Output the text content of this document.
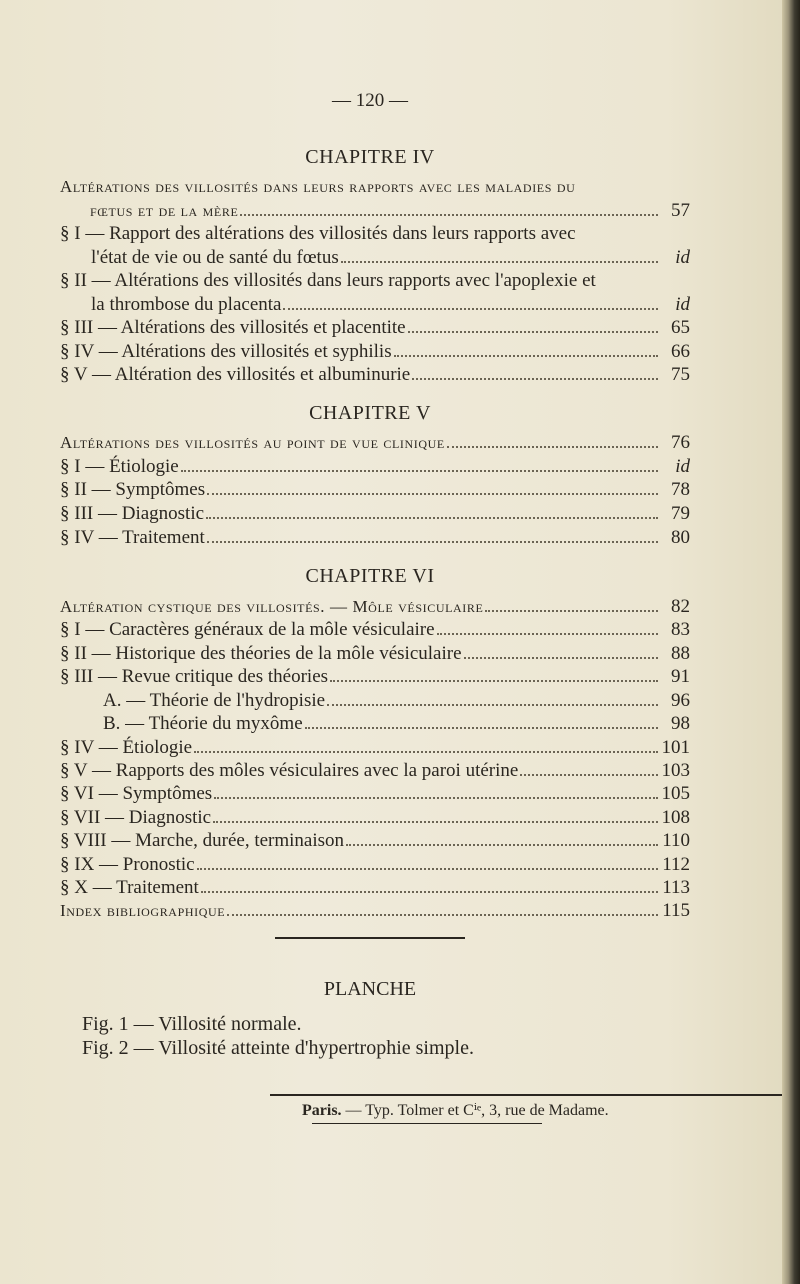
— 120 —
CHAPITRE IV
Altérations des villosités dans leurs rapports avec les maladies du
fœtus et de la mère	57
§ I — Rapport des altérations des villosités dans leurs rapports avec
l'état de vie ou de santé du fœtus	id
§ II — Altérations des villosités dans leurs rapports avec l'apoplexie et
la thrombose du placenta	id
§ III — Altérations des villosités et placentite	65
§ IV — Altérations des villosités et syphilis	66
§ V — Altération des villosités et albuminurie	75
CHAPITRE V
Altérations des villosités au point de vue clinique	76
§ I — Étiologie	id
§ II — Symptômes	78
§ III — Diagnostic	79
§ IV — Traitement	80
CHAPITRE VI
Altération cystique des villosités. — Môle vésiculaire	82
§ I — Caractères généraux de la môle vésiculaire	83
§ II — Historique des théories de la môle vésiculaire	88
§ III — Revue critique des théories	91
A. — Théorie de l'hydropisie	96
B. — Théorie du myxôme	98
§ IV — Étiologie	101
§ V — Rapports des môles vésiculaires avec la paroi utérine	103
§ VI — Symptômes	105
§ VII — Diagnostic	108
§ VIII — Marche, durée, terminaison	110
§ IX — Pronostic	112
§ X — Traitement	113
Index bibliographique	115
PLANCHE
Fig. 1 — Villosité normale.
Fig. 2 — Villosité atteinte d'hypertrophie simple.
Paris. — Typ. Tolmer et Cⁱᵉ, 3, rue de Madame.
